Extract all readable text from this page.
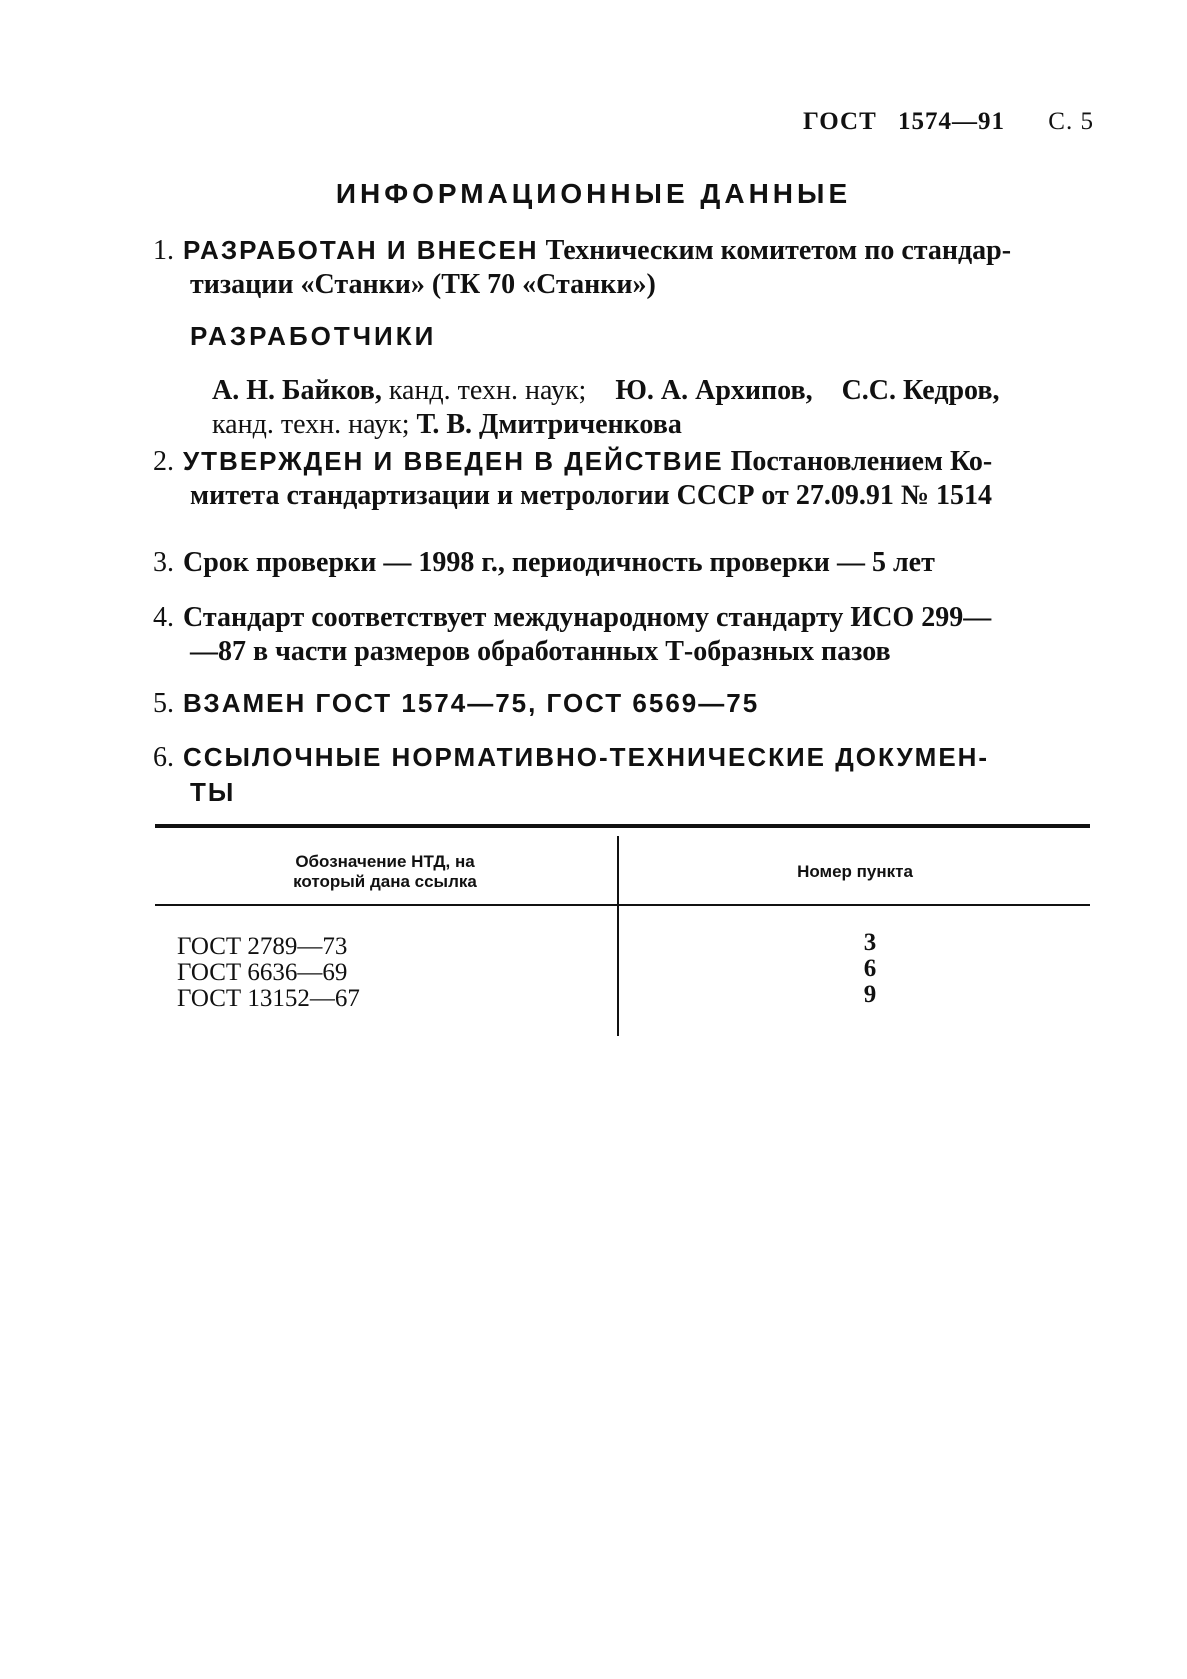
ГОСТ 1574—91 С. 5
ИНФОРМАЦИОННЫЕ ДАННЫЕ
1. РАЗРАБОТАН И ВНЕСЕН Техническим комитетом по стандар-
тизации «Станки» (ТК 70 «Станки»)
РАЗРАБОТЧИКИ
А. Н. Байков, канд. техн. наук; Ю. А. Архипов, С.С. Кедров,
канд. техн. наук; Т. В. Дмитриченкова
2. УТВЕРЖДЕН И ВВЕДЕН В ДЕЙСТВИЕ Постановлением Ко-
митета стандартизации и метрологии СССР от 27.09.91 № 1514
3. Срок проверки — 1998 г., периодичность проверки — 5 лет
4. Стандарт соответствует международному стандарту ИСО 299—
—87 в части размеров обработанных Т-образных пазов
5. ВЗАМЕН ГОСТ 1574—75, ГОСТ 6569—75
6. ССЫЛОЧНЫЕ НОРМАТИВНО-ТЕХНИЧЕСКИЕ ДОКУМЕН-
ТЫ
Обозначение НТД, на
который дана ссылка
Номер пункта
ГОСТ 2789—73
ГОСТ 6636—69
ГОСТ 13152—67
3
6
9
